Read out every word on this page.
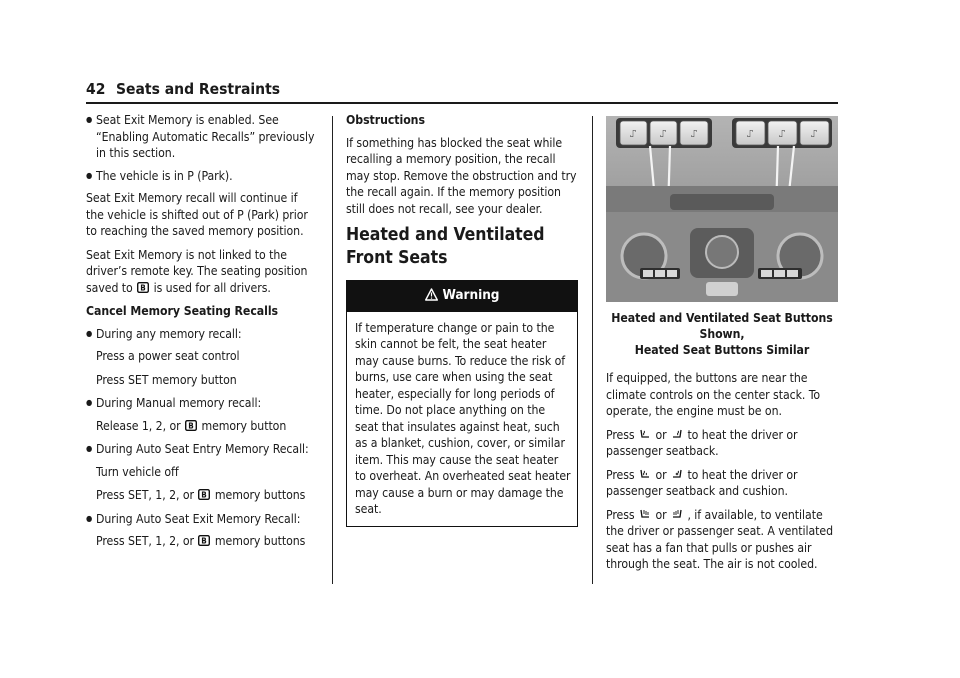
42 Seats and Restraints
● Seat Exit Memory is enabled. See “Enabling Automatic Recalls” previously in this section.
● The vehicle is in P (Park).

Seat Exit Memory recall will continue if the vehicle is shifted out of P (Park) prior to reaching the saved memory position.

Seat Exit Memory is not linked to the driver’s remote key. The seating position saved to B is used for all drivers.

Cancel Memory Seating Recalls
● During any memory recall:
Press a power seat control
Press SET memory button
● During Manual memory recall:
Release 1, 2, or B memory button
● During Auto Seat Entry Memory Recall:
Turn vehicle off
Press SET, 1, 2, or B memory buttons
● During Auto Seat Exit Memory Recall:
Press SET, 1, 2, or B memory buttons
Obstructions

If something has blocked the seat while recalling a memory position, the recall may stop. Remove the obstruction and try the recall again. If the memory position still does not recall, see your dealer.

Heated and Ventilated Front Seats
Warning
If temperature change or pain to the skin cannot be felt, the seat heater may cause burns. To reduce the risk of burns, use care when using the seat heater, especially for long periods of time. Do not place anything on the seat that insulates against heat, such as a blanket, cushion, cover, or similar item. This may cause the seat heater to overheat. An overheated seat heater may cause a burn or may damage the seat.
⑀ ⑀	⑀	⑀	⑀	⑀
Heated and Ventilated Seat Buttons Shown,
Heated Seat Buttons Similar

If equipped, the buttons are near the climate controls on the center stack. To operate, the engine must be on.

Press or to heat the driver or passenger seatback.

Press or to heat the driver or passenger seatback and cushion.

Press or , if available, to ventilate the driver or passenger seat. A ventilated seat has a fan that pulls or pushes air through the seat. The air is not cooled.
